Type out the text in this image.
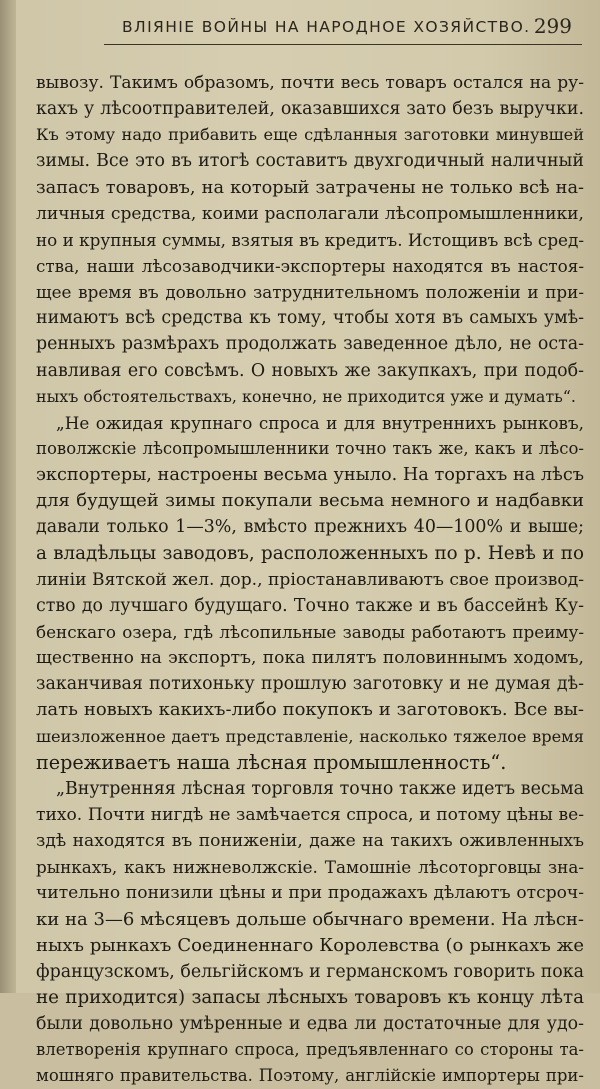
ВЛIЯНIЕ ВОЙНЫ НА НАРОДНОЕ ХОЗЯЙСТВО. 299
вывозу. Такимъ образомъ, почти весь товаръ остался на ру-
кахъ у лѣсоотправителей, оказавшихся зато безъ выручки.
Къ этому надо прибавить еще сдѣланныя заготовки минувшей
зимы. Все это въ итогѣ составитъ двухгодичный наличный
запасъ товаровъ, на который затрачены не только всѣ на-
личныя средства, коими располагали лѣсопромышленники,
но и крупныя суммы, взятыя въ кредитъ. Истощивъ всѣ сред-
ства, наши лѣсозаводчики-экспортеры находятся въ настоя-
щее время въ довольно затруднительномъ положенiи и при-
нимаютъ всѣ средства къ тому, чтобы хотя въ самыхъ умѣ-
ренныхъ размѣрахъ продолжать заведенное дѣло, не оста-
навливая его совсѣмъ. О новыхъ же закупкахъ, при подоб-
ныхъ обстоятельствахъ, конечно, не приходится уже и думать“.
„Не ожидая крупнаго спроса и для внутреннихъ рынковъ,
поволжскiе лѣсопромышленники точно такъ же, какъ и лѣсо-
экспортеры, настроены весьма уныло. На торгахъ на лѣсъ
для будущей зимы покупали весьма немного и надбавки
давали только 1—3%, вмѣсто прежнихъ 40—100% и выше;
а владѣльцы заводовъ, расположенныхъ по р. Невѣ и по
линiи Вятской жел. дор., прiостанавливаютъ свое производ-
ство до лучшаго будущаго. Точно также и въ бассейнѣ Ку-
бенскаго озера, гдѣ лѣсопильные заводы работаютъ преиму-
щественно на экспортъ, пока пилятъ половиннымъ ходомъ,
заканчивая потихоньку прошлую заготовку и не думая дѣ-
лать новыхъ какихъ-либо покупокъ и заготовокъ. Все вы-
шеизложенное даетъ представленiе, насколько тяжелое время
переживаетъ наша лѣсная промышленность“.
„Внутренняя лѣсная торговля точно также идетъ весьма
тихо. Почти нигдѣ не замѣчается спроса, и потому цѣны ве-
здѣ находятся въ пониженiи, даже на такихъ оживленныхъ
рынкахъ, какъ нижневолжскiе. Тамошнiе лѣсоторговцы зна-
чительно понизили цѣны и при продажахъ дѣлаютъ отсроч-
ки на 3—6 мѣсяцевъ дольше обычнаго времени. На лѣсн-
ныхъ рынкахъ Соединеннаго Королевства (о рынкахъ же
французскомъ, бельгiйскомъ и германскомъ говорить пока
не приходится) запасы лѣсныхъ товаровъ къ концу лѣта
были довольно умѣренные и едва ли достаточные для удо-
влетворенiя крупнаго спроса, предъявленнаго со стороны та-
мошняго правительства. Поэтому, англiйскiе импортеры при-
